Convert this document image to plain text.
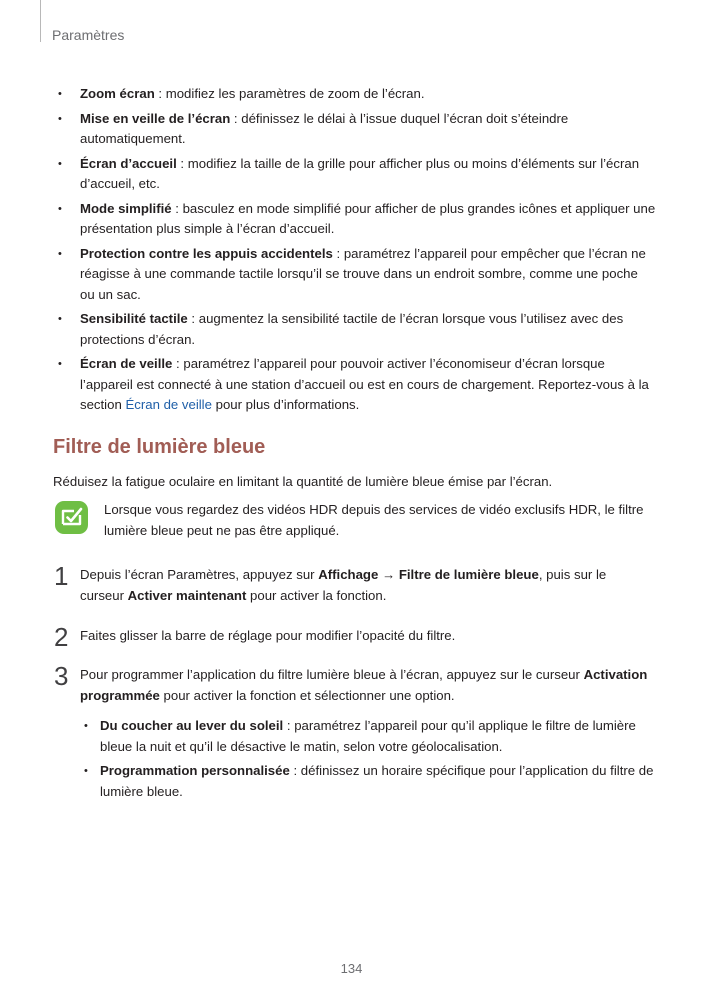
Paramètres
• Zoom écran : modifiez les paramètres de zoom de l’écran.
• Mise en veille de l’écran : définissez le délai à l’issue duquel l’écran doit s’éteindre automatiquement.
• Écran d’accueil : modifiez la taille de la grille pour afficher plus ou moins d’éléments sur l’écran d’accueil, etc.
• Mode simplifié : basculez en mode simplifié pour afficher de plus grandes icônes et appliquer une présentation plus simple à l’écran d’accueil.
• Protection contre les appuis accidentels : paramétrez l’appareil pour empêcher que l’écran ne réagisse à une commande tactile lorsqu’il se trouve dans un endroit sombre, comme une poche ou un sac.
• Sensibilité tactile : augmentez la sensibilité tactile de l’écran lorsque vous l’utilisez avec des protections d’écran.
• Écran de veille : paramétrez l’appareil pour pouvoir activer l’économiseur d’écran lorsque l’appareil est connecté à une station d’accueil ou est en cours de chargement. Reportez-vous à la section Écran de veille pour plus d’informations.
Filtre de lumière bleue

Réduisez la fatigue oculaire en limitant la quantité de lumière bleue émise par l’écran.

Lorsque vous regardez des vidéos HDR depuis des services de vidéo exclusifs HDR, le filtre lumière bleue peut ne pas être appliqué.

1 Depuis l’écran Paramètres, appuyez sur Affichage → Filtre de lumière bleue, puis sur le curseur Activer maintenant pour activer la fonction.

2 Faites glisser la barre de réglage pour modifier l’opacité du filtre.

3 Pour programmer l’application du filtre lumière bleue à l’écran, appuyez sur le curseur Activation programmée pour activer la fonction et sélectionner une option.

• Du coucher au lever du soleil : paramétrez l’appareil pour qu’il applique le filtre de lumière bleue la nuit et qu’il le désactive le matin, selon votre géolocalisation.
• Programmation personnalisée : définissez un horaire spécifique pour l’application du filtre de lumière bleue.
134
